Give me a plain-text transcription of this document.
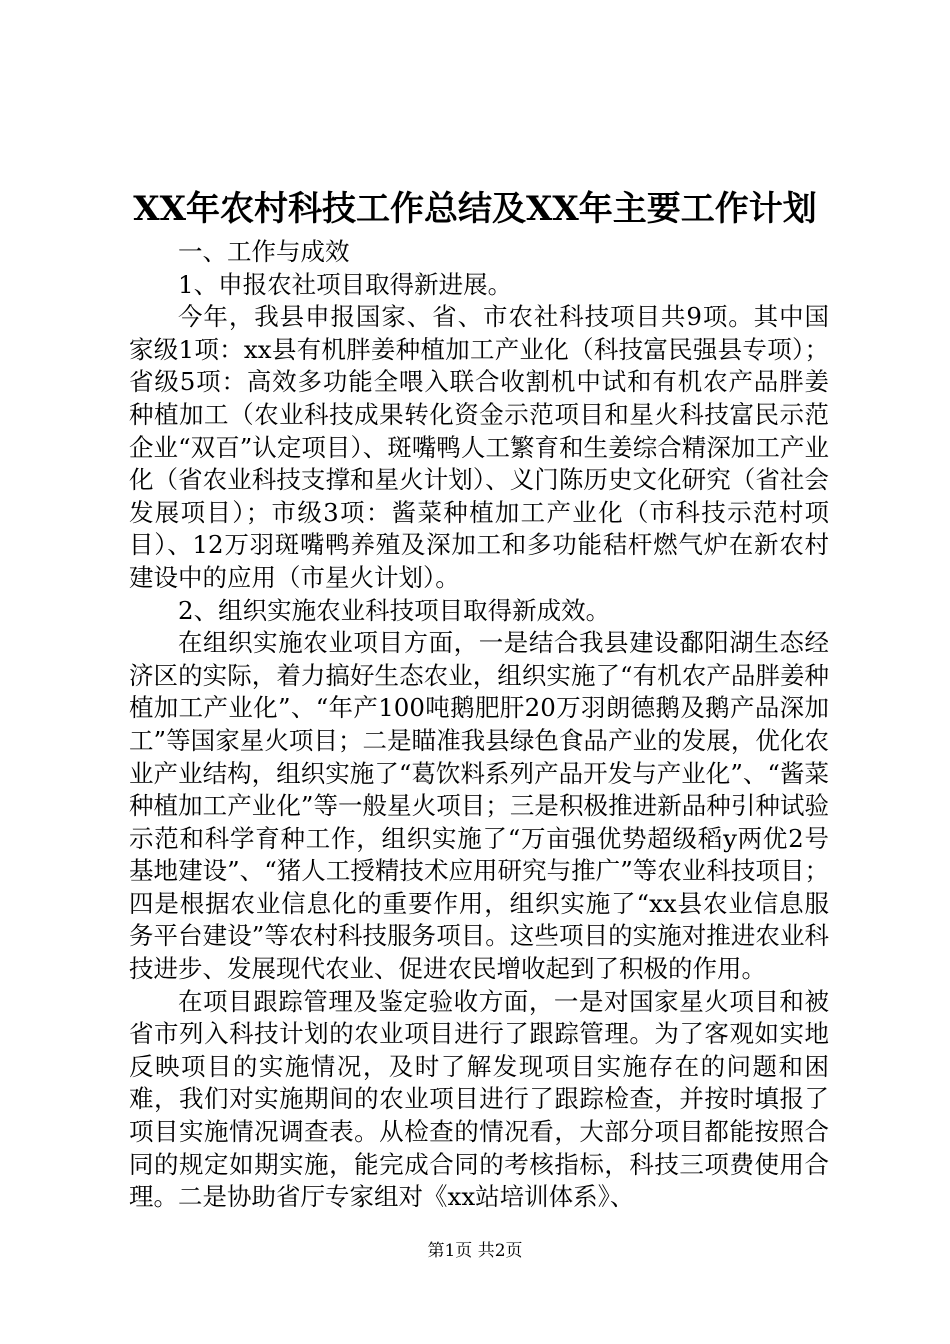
XX年农村科技工作总结及XX年主要工作计划

一、工作与成效

1、申报农社项目取得新进展。

今年，我县申报国家、省、市农社科技项目共9项。其中国家级1项：xx县有机胖姜种植加工产业化（科技富民强县专项）；省级5项：高效多功能全喂入联合收割机中试和有机农产品胖姜种植加工（农业科技成果转化资金示范项目和星火科技富民示范企业“双百”认定项目）、斑嘴鸭人工繁育和生姜综合精深加工产业化（省农业科技支撑和星火计划）、义门陈历史文化研究（省社会发展项目）；市级3项：酱菜种植加工产业化（市科技示范村项目）、12万羽斑嘴鸭养殖及深加工和多功能秸杆燃气炉在新农村建设中的应用（市星火计划）。

2、组织实施农业科技项目取得新成效。

在组织实施农业项目方面，一是结合我县建设鄱阳湖生态经济区的实际，着力搞好生态农业，组织实施了“有机农产品胖姜种植加工产业化”、“年产100吨鹅肥肝20万羽朗德鹅及鹅产品深加工”等国家星火项目；二是瞄准我县绿色食品产业的发展，优化农业产业结构，组织实施了“葛饮料系列产品开发与产业化”、“酱菜种植加工产业化”等一般星火项目；三是积极推进新品种引种试验示范和科学育种工作，组织实施了“万亩强优势超级稻y两优2号基地建设”、“猪人工授精技术应用研究与推广”等农业科技项目；四是根据农业信息化的重要作用，组织实施了“xx县农业信息服务平台建设”等农村科技服务项目。这些项目的实施对推进农业科技进步、发展现代农业、促进农民增收起到了积极的作用。

在项目跟踪管理及鉴定验收方面，一是对国家星火项目和被省市列入科技计划的农业项目进行了跟踪管理。为了客观如实地反映项目的实施情况，及时了解发现项目实施存在的问题和困难，我们对实施期间的农业项目进行了跟踪检查，并按时填报了项目实施情况调查表。从检查的情况看，大部分项目都能按照合同的规定如期实施，能完成合同的考核指标，科技三项费使用合理。二是协助省厅专家组对《xx站培训体系》、

第1页 共2页
